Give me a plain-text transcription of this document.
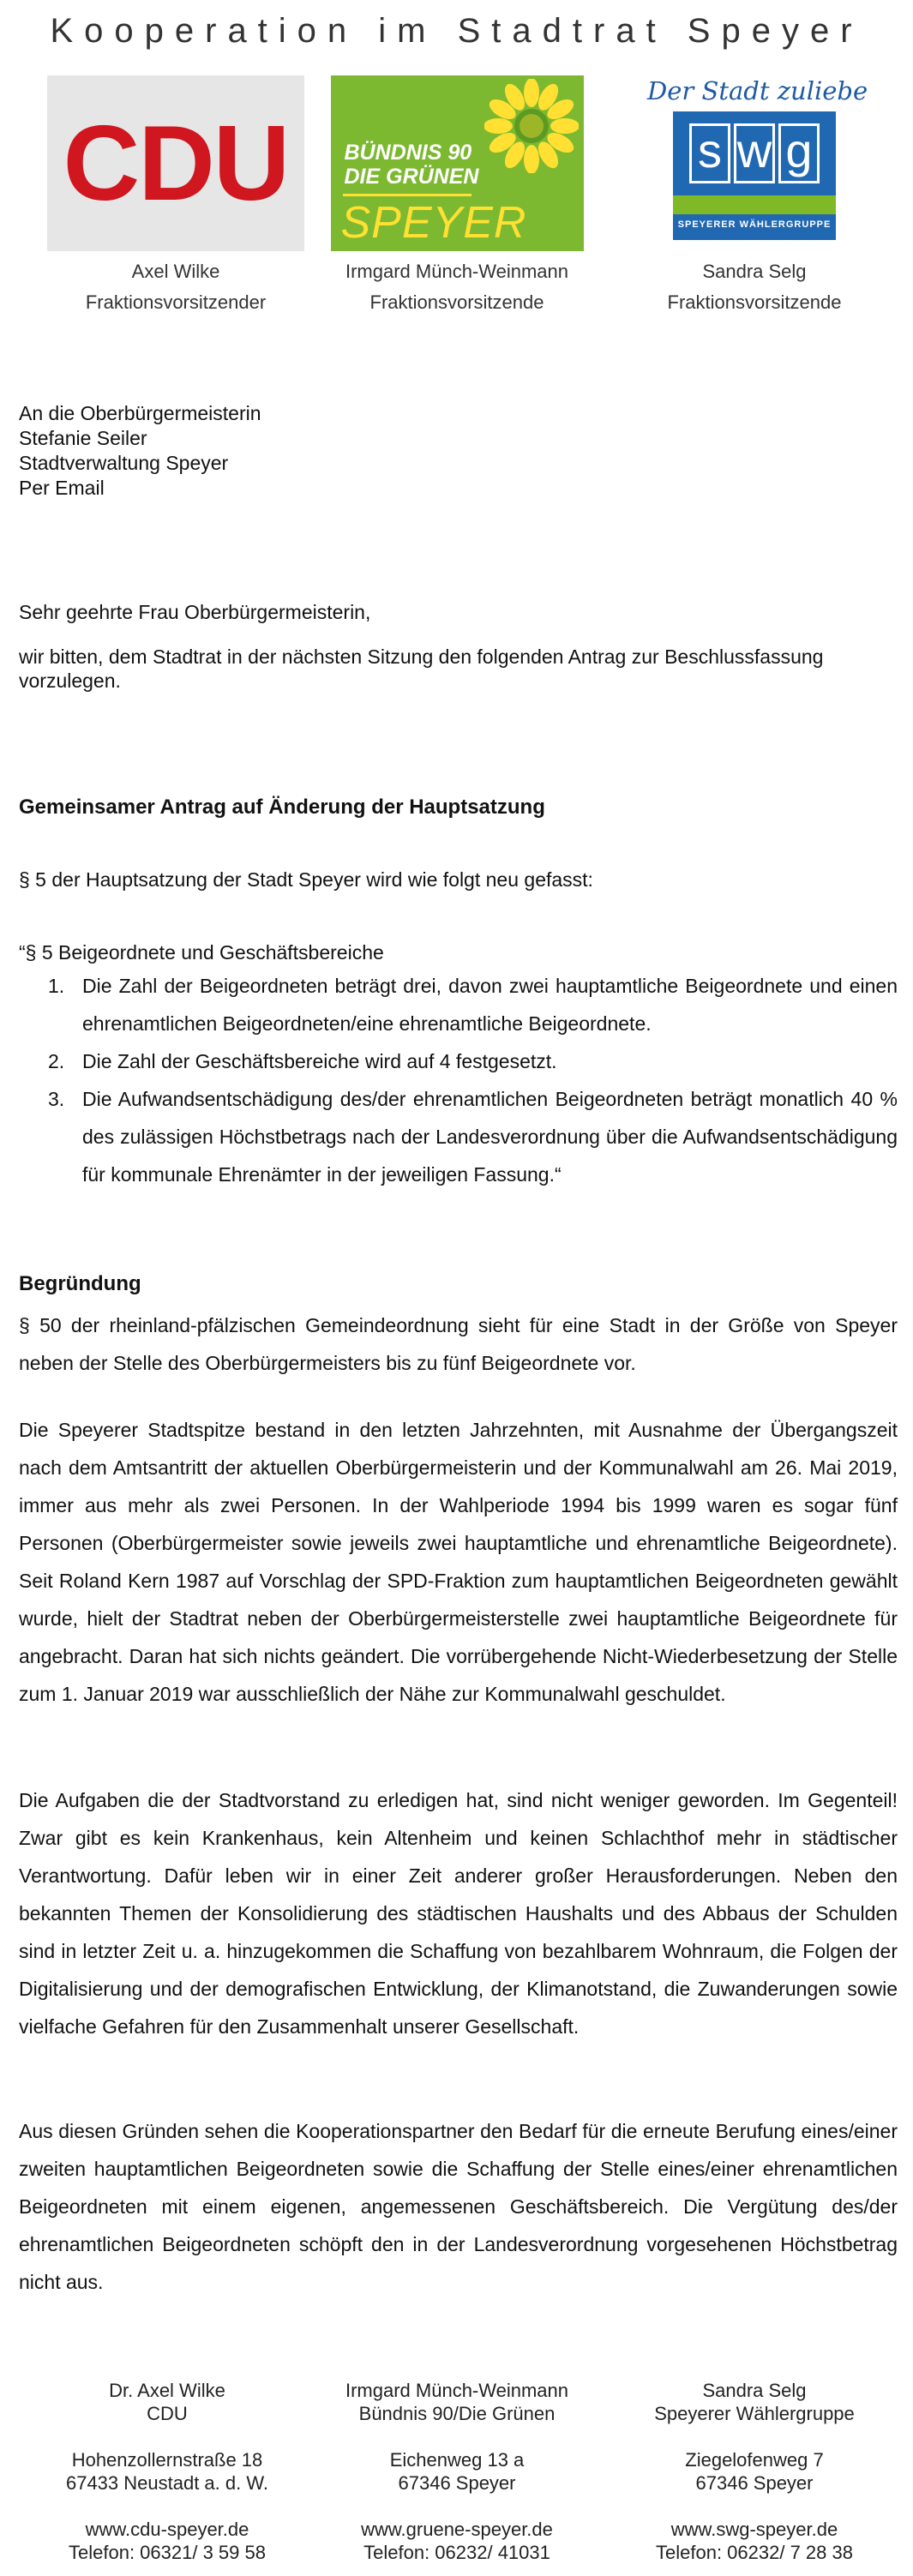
Kooperation im Stadtrat Speyer
CDU
Axel Wilke
Fraktionsvorsitzender
BÜNDNIS 90
DIE GRÜNEN
SPEYER
Irmgard Münch-Weinmann
Fraktionsvorsitzende
Der Stadt zuliebe
s w g
SPEYERER WÄHLERGRUPPE
Sandra Selg
Fraktionsvorsitzende
An die Oberbürgermeisterin
Stefanie Seiler
Stadtverwaltung Speyer
Per Email
Sehr geehrte Frau Oberbürgermeisterin,
wir bitten, dem Stadtrat in der nächsten Sitzung den folgenden Antrag zur Beschlussfassung vorzulegen.
Gemeinsamer Antrag auf Änderung der Hauptsatzung
§ 5 der Hauptsatzung der Stadt Speyer wird wie folgt neu gefasst:
“§ 5 Beigeordnete und Geschäftsbereiche
1. Die Zahl der Beigeordneten beträgt drei, davon zwei hauptamtliche Beigeordnete und einen ehrenamtlichen Beigeordneten/eine ehrenamtliche Beigeordnete.
2. Die Zahl der Geschäftsbereiche wird auf 4 festgesetzt.
3. Die Aufwandsentschädigung des/der ehrenamtlichen Beigeordneten beträgt monatlich 40 % des zulässigen Höchstbetrags nach der Landesverordnung über die Aufwandsentschädigung für kommunale Ehrenämter in der jeweiligen Fassung.“
Begründung
§ 50 der rheinland-pfälzischen Gemeindeordnung sieht für eine Stadt in der Größe von Speyer neben der Stelle des Oberbürgermeisters bis zu fünf Beigeordnete vor.
Die Speyerer Stadtspitze bestand in den letzten Jahrzehnten, mit Ausnahme der Übergangszeit nach dem Amtsantritt der aktuellen Oberbürgermeisterin und der Kommunalwahl am 26. Mai 2019, immer aus mehr als zwei Personen. In der Wahlperiode 1994 bis 1999 waren es sogar fünf Personen (Oberbürgermeister sowie jeweils zwei hauptamtliche und ehrenamtliche Beigeordnete). Seit Roland Kern 1987 auf Vorschlag der SPD-Fraktion zum hauptamtlichen Beigeordneten gewählt wurde, hielt der Stadtrat neben der Oberbürgermeisterstelle zwei hauptamtliche Beigeordnete für angebracht. Daran hat sich nichts geändert. Die vorrübergehende Nicht-Wiederbesetzung der Stelle zum 1. Januar 2019 war ausschließlich der Nähe zur Kommunalwahl geschuldet.
Die Aufgaben die der Stadtvorstand zu erledigen hat, sind nicht weniger geworden. Im Gegenteil! Zwar gibt es kein Krankenhaus, kein Altenheim und keinen Schlachthof mehr in städtischer Verantwortung. Dafür leben wir in einer Zeit anderer großer Herausforderungen. Neben den bekannten Themen der Konsolidierung des städtischen Haushalts und des Abbaus der Schulden sind in letzter Zeit u. a. hinzugekommen die Schaffung von bezahlbarem Wohnraum, die Folgen der Digitalisierung und der demografischen Entwicklung, der Klimanotstand, die Zuwanderungen sowie vielfache Gefahren für den Zusammenhalt unserer Gesellschaft.
Aus diesen Gründen sehen die Kooperationspartner den Bedarf für die erneute Berufung eines/einer zweiten hauptamtlichen Beigeordneten sowie die Schaffung der Stelle eines/einer ehrenamtlichen Beigeordneten mit einem eigenen, angemessenen Geschäftsbereich. Die Vergütung des/der ehrenamtlichen Beigeordneten schöpft den in der Landesverordnung vorgesehenen Höchstbetrag nicht aus.
Dr. Axel Wilke
CDU
Hohenzollernstraße 18
67433 Neustadt a. d. W.
www.cdu-speyer.de
Telefon: 06321/ 3 59 58
Irmgard Münch-Weinmann
Bündnis 90/Die Grünen
Eichenweg 13 a
67346 Speyer
www.gruene-speyer.de
Telefon: 06232/ 41031
Sandra Selg
Speyerer Wählergruppe
Ziegelofenweg 7
67346 Speyer
www.swg-speyer.de
Telefon: 06232/ 7 28 38
